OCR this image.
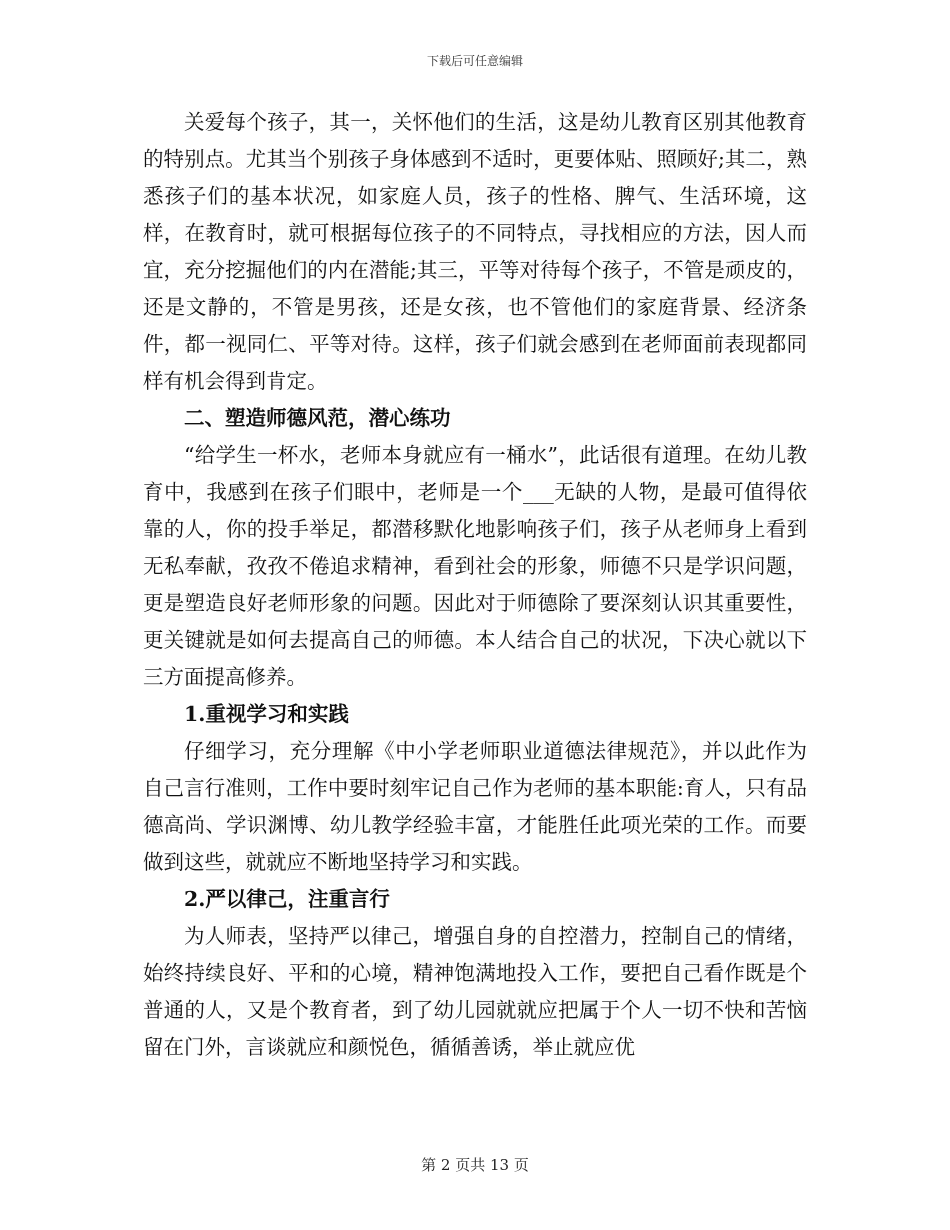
下载后可任意编辑

关爱每个孩子，其一，关怀他们的生活，这是幼儿教育区别其他教育的特别点。尤其当个别孩子身体感到不适时，更要体贴、照顾好;其二，熟悉孩子们的基本状况，如家庭人员，孩子的性格、脾气、生活环境，这样，在教育时，就可根据每位孩子的不同特点，寻找相应的方法，因人而宜，充分挖掘他们的内在潜能;其三，平等对待每个孩子，不管是顽皮的，还是文静的，不管是男孩，还是女孩，也不管他们的家庭背景、经济条件，都一视同仁、平等对待。这样，孩子们就会感到在老师面前表现都同样有机会得到肯定。

二、塑造师德风范，潜心练功

“给学生一杯水，老师本身就应有一桶水”，此话很有道理。在幼儿教育中，我感到在孩子们眼中，老师是一个___无缺的人物，是最可值得依靠的人，你的投手举足，都潜移默化地影响孩子们，孩子从老师身上看到无私奉献，孜孜不倦追求精神，看到社会的形象，师德不只是学识问题，更是塑造良好老师形象的问题。因此对于师德除了要深刻认识其重要性，更关键就是如何去提高自己的师德。本人结合自己的状况，下决心就以下三方面提高修养。

1.重视学习和实践

仔细学习，充分理解《中小学老师职业道德法律规范》，并以此作为自己言行准则，工作中要时刻牢记自己作为老师的基本职能:育人，只有品德高尚、学识渊博、幼儿教学经验丰富，才能胜任此项光荣的工作。而要做到这些，就就应不断地坚持学习和实践。

2.严以律己，注重言行

为人师表，坚持严以律己，增强自身的自控潜力，控制自己的情绪，始终持续良好、平和的心境，精神饱满地投入工作，要把自己看作既是个普通的人，又是个教育者，到了幼儿园就就应把属于个人一切不快和苦恼留在门外，言谈就应和颜悦色，循循善诱，举止就应优

第 2 页共 13 页
